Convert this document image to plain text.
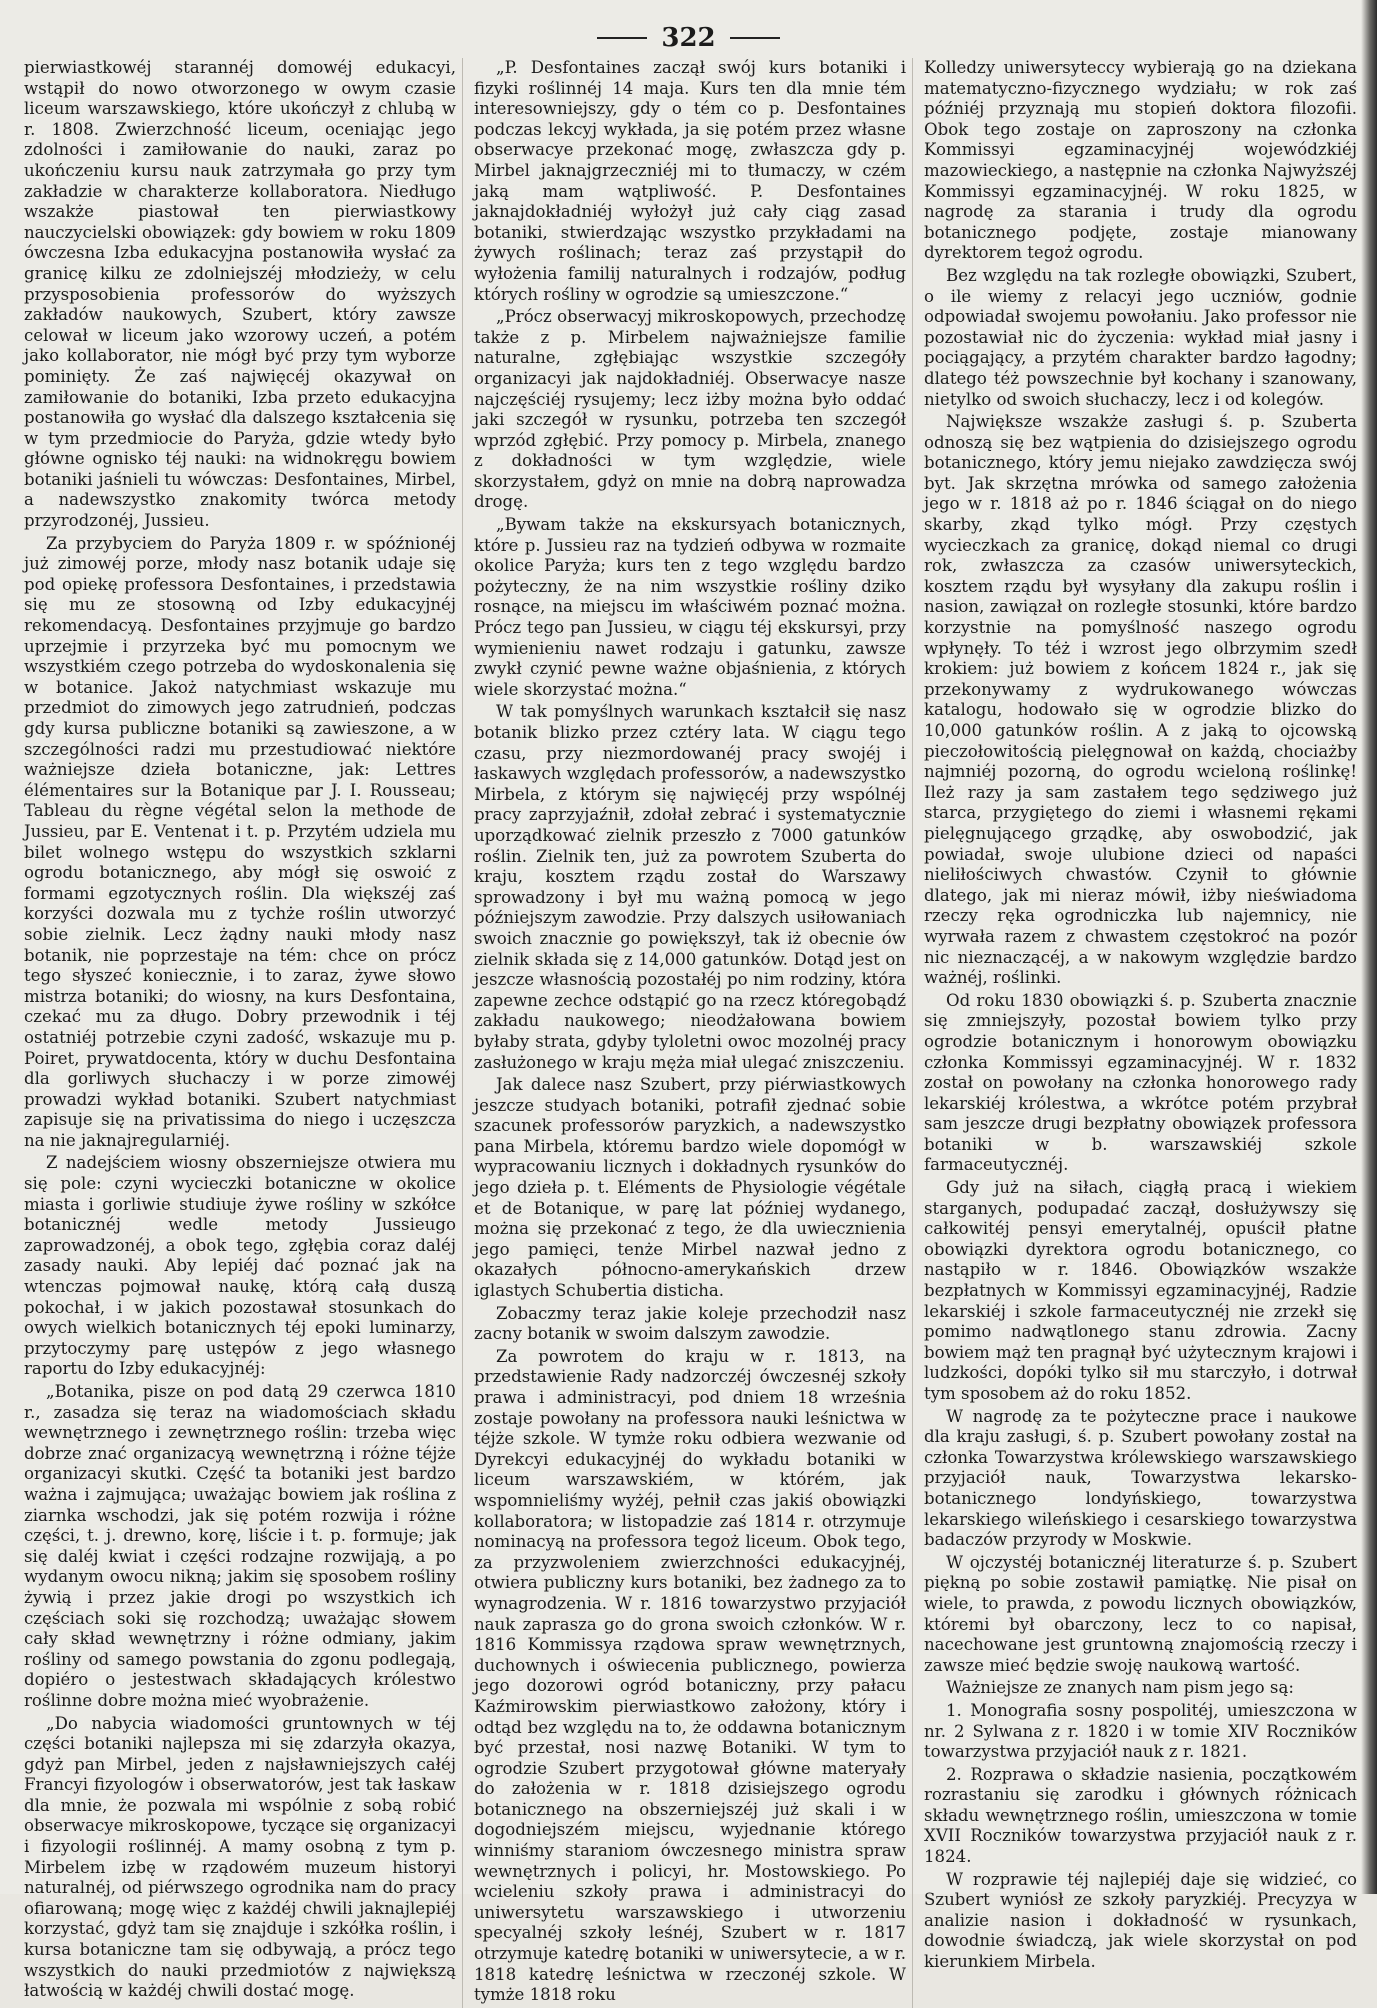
322

pierwiastkowéj starannéj domowéj edukacyi, wstąpił do nowo otworzonego w owym czasie liceum warszawskiego, które ukończył z chlubą w r. 1808. Zwierzchność liceum, oceniając jego zdolności i zamiłowanie do nauki, zaraz po ukończeniu kursu nauk zatrzymała go przy tym zakładzie w charakterze kollaboratora. Niedługo wszakże piastował ten pierwiastkowy nauczycielski obowiązek: gdy bowiem w roku 1809 ówczesna Izba edukacyjna postanowiła wysłać za granicę kilku ze zdolniejszéj młodzieży, w celu przysposobienia professorów do wyższych zakładów naukowych, Szubert, który zawsze celował w liceum jako wzorowy uczeń, a potém jako kollaborator, nie mógł być przy tym wyborze pominięty. Że zaś najwięcéj okazywał on zamiłowanie do botaniki, Izba przeto edukacyjna postanowiła go wysłać dla dalszego kształcenia się w tym przedmiocie do Paryża, gdzie wtedy było główne ognisko téj nauki: na widnokręgu bowiem botaniki jaśnieli tu wówczas: Desfontaines, Mirbel, a nadewszystko znakomity twórca metody przyrodzonéj, Jussieu.

Za przybyciem do Paryża 1809 r. w spóźnionéj już zimowéj porze, młody nasz botanik udaje się pod opiekę professora Desfontaines, i przedstawia się mu ze stosowną od Izby edukacyjnéj rekomendacyą. Desfontaines przyjmuje go bardzo uprzejmie i przyrzeka być mu pomocnym we wszystkiém czego potrzeba do wydoskonalenia się w botanice. Jakoż natychmiast wskazuje mu przedmiot do zimowych jego zatrudnień, podczas gdy kursa publiczne botaniki są zawieszone, a w szczególności radzi mu przestudiować niektóre ważniejsze dzieła botaniczne, jak: Lettres élémentaires sur la Botanique par J. I. Rousseau; Tableau du règne végétal selon la methode de Jussieu, par E. Ventenat i t. p. Przytém udziela mu bilet wolnego wstępu do wszystkich szklarni ogrodu botanicznego, aby mógł się oswoić z formami egzotycznych roślin. Dla większéj zaś korzyści dozwala mu z tychże roślin utworzyć sobie zielnik. Lecz żądny nauki młody nasz botanik, nie poprzestaje na tém: chce on prócz tego słyszeć koniecznie, i to zaraz, żywe słowo mistrza botaniki; do wiosny, na kurs Desfontaina, czekać mu za długo. Dobry przewodnik i téj ostatniéj potrzebie czyni zadość, wskazuje mu p. Poiret, prywatdocenta, który w duchu Desfontaina dla gorliwych słuchaczy i w porze zimowéj prowadzi wykład botaniki. Szubert natychmiast zapisuje się na privatissima do niego i uczęszcza na nie jaknajregularniéj.

Z nadejściem wiosny obszerniejsze otwiera mu się pole: czyni wycieczki botaniczne w okolice miasta i gorliwie studiuje żywe rośliny w szkółce botanicznéj wedle metody Jussieugo zaprowadzonéj, a obok tego, zgłębia coraz daléj zasady nauki. Aby lepiéj dać poznać jak na wtenczas pojmował naukę, którą całą duszą pokochał, i w jakich pozostawał stosunkach do owych wielkich botanicznych téj epoki luminarzy, przytoczymy parę ustępów z jego własnego raportu do Izby edukacyjnéj:

„Botanika, pisze on pod datą 29 czerwca 1810 r., zasadza się teraz na wiadomościach składu wewnętrznego i zewnętrznego roślin: trzeba więc dobrze znać organizacyą wewnętrzną i różne téjże organizacyi skutki. Część ta botaniki jest bardzo ważna i zajmująca; uważając bowiem jak roślina z ziarnka wschodzi, jak się potém rozwija i różne części, t. j. drewno, korę, liście i t. p. formuje; jak się daléj kwiat i części rodzajne rozwijają, a po wydanym owocu nikną; jakim się sposobem rośliny żywią i przez jakie drogi po wszystkich ich częściach soki się rozchodzą; uważając słowem cały skład wewnętrzny i różne odmiany, jakim rośliny od samego powstania do zgonu podlegają, dopiéro o jestestwach składających królestwo roślinne dobre można mieć wyobrażenie.

„Do nabycia wiadomości gruntownych w téj części botaniki najlepsza mi się zdarzyła okazya, gdyż pan Mirbel, jeden z najsławniejszych całéj Francyi fizyologów i obserwatorów, jest tak łaskaw dla mnie, że pozwala mi wspólnie z sobą robić obserwacye mikroskopowe, tyczące się organizacyi i fizyologii roślinnéj. A mamy osobną z tym p. Mirbelem izbę w rządowém muzeum historyi naturalnéj, od piérwszego ogrodnika nam do pracy ofiarowaną; mogę więc z każdéj chwili jaknajlepiéj korzystać, gdyż tam się znajduje i szkółka roślin, i kursa botaniczne tam się odbywają, a prócz tego wszystkich do nauki przedmiotów z największą łatwością w każdéj chwili dostać mogę.

„P. Desfontaines zaczął swój kurs botaniki i fizyki roślinnéj 14 maja. Kurs ten dla mnie tém interesowniejszy, gdy o tém co p. Desfontaines podczas lekcyj wykłada, ja się potém przez własne obserwacye przekonać mogę, zwłaszcza gdy p. Mirbel jaknajgrzeczniéj mi to tłumaczy, w czém jaką mam wątpliwość. P. Desfontaines jaknajdokładniéj wyłożył już cały ciąg zasad botaniki, stwierdzając wszystko przykładami na żywych roślinach; teraz zaś przystąpił do wyłożenia familij naturalnych i rodzajów, podług których rośliny w ogrodzie są umieszczone.“

„Prócz obserwacyj mikroskopowych, przechodzę także z p. Mirbelem najważniejsze familie naturalne, zgłębiając wszystkie szczegóły organizacyi jak najdokładniéj. Obserwacye nasze najczęściéj rysujemy; lecz iżby można było oddać jaki szczegół w rysunku, potrzeba ten szczegół wprzód zgłębić. Przy pomocy p. Mirbela, znanego z dokładności w tym względzie, wiele skorzystałem, gdyż on mnie na dobrą naprowadza drogę.

„Bywam także na ekskursyach botanicznych, które p. Jussieu raz na tydzień odbywa w rozmaite okolice Paryża; kurs ten z tego względu bardzo pożyteczny, że na nim wszystkie rośliny dziko rosnące, na miejscu im właściwém poznać można. Prócz tego pan Jussieu, w ciągu téj ekskursyi, przy wymienieniu nawet rodzaju i gatunku, zawsze zwykł czynić pewne ważne objaśnienia, z których wiele skorzystać można.“

W tak pomyślnych warunkach kształcił się nasz botanik blizko przez cztéry lata. W ciągu tego czasu, przy niezmordowanéj pracy swojéj i łaskawych względach professorów, a nadewszystko Mirbela, z którym się najwięcéj przy wspólnéj pracy zaprzyjaźnił, zdołał zebrać i systematycznie uporządkować zielnik przeszło z 7000 gatunków roślin. Zielnik ten, już za powrotem Szuberta do kraju, kosztem rządu został do Warszawy sprowadzony i był mu ważną pomocą w jego późniejszym zawodzie. Przy dalszych usiłowaniach swoich znacznie go powiększył, tak iż obecnie ów zielnik składa się z 14,000 gatunków. Dotąd jest on jeszcze własnością pozostałéj po nim rodziny, która zapewne zechce odstąpić go na rzecz któregobądź zakładu naukowego; nieodżałowana bowiem byłaby strata, gdyby tyloletni owoc mozolnéj pracy zasłużonego w kraju męża miał ulegać zniszczeniu.

Jak dalece nasz Szubert, przy piérwiastkowych jeszcze studyach botaniki, potrafił zjednać sobie szacunek professorów paryzkich, a nadewszystko pana Mirbela, któremu bardzo wiele dopomógł w wypracowaniu licznych i dokładnych rysunków do jego dzieła p. t. Eléments de Physiologie végétale et de Botanique, w parę lat później wydanego, można się przekonać z tego, że dla uwiecznienia jego pamięci, tenże Mirbel nazwał jedno z okazałych północno-amerykańskich drzew iglastych Schubertia disticha.

Zobaczmy teraz jakie koleje przechodził nasz zacny botanik w swoim dalszym zawodzie.

Za powrotem do kraju w r. 1813, na przedstawienie Rady nadzorczéj ówczesnéj szkoły prawa i administracyi, pod dniem 18 września zostaje powołany na professora nauki leśnictwa w téjże szkole. W tymże roku odbiera wezwanie od Dyrekcyi edukacyjnéj do wykładu botaniki w liceum warszawskiém, w którém, jak wspomnieliśmy wyżéj, pełnił czas jakiś obowiązki kollaboratora; w listopadzie zaś 1814 r. otrzymuje nominacyą na professora tegoż liceum. Obok tego, za przyzwoleniem zwierzchności edukacyjnéj, otwiera publiczny kurs botaniki, bez żadnego za to wynagrodzenia. W r. 1816 towarzystwo przyjaciół nauk zaprasza go do grona swoich członków. W r. 1816 Kommissya rządowa spraw wewnętrznych, duchownych i oświecenia publicznego, powierza jego dozorowi ogród botaniczny, przy pałacu Kaźmirowskim pierwiastkowo założony, który i odtąd bez względu na to, że oddawna botanicznym być przestał, nosi nazwę Botaniki. W tym to ogrodzie Szubert przygotował główne materyały do założenia w r. 1818 dzisiejszego ogrodu botanicznego na obszerniejszéj już skali i w dogodniejszém miejscu, wyjednanie którego winniśmy staraniom ówczesnego ministra spraw wewnętrznych i policyi, hr. Mostowskiego. Po wcieleniu szkoły prawa i administracyi do uniwersytetu warszawskiego i utworzeniu specyalnéj szkoły leśnéj, Szubert w r. 1817 otrzymuje katedrę botaniki w uniwersytecie, a w r. 1818 katedrę leśnictwa w rzeczonéj szkole. W tymże 1818 roku

Kolledzy uniwersyteccy wybierają go na dziekana matematyczno-fizycznego wydziału; w rok zaś późniéj przyznają mu stopień doktora filozofii. Obok tego zostaje on zaproszony na członka Kommissyi egzaminacyjnéj wojewódzkiéj mazowieckiego, a następnie na członka Najwyższéj Kommissyi egzaminacyjnéj. W roku 1825, w nagrodę za starania i trudy dla ogrodu botanicznego podjęte, zostaje mianowany dyrektorem tegoż ogrodu.

Bez względu na tak rozległe obowiązki, Szubert, o ile wiemy z relacyi jego uczniów, godnie odpowiadał swojemu powołaniu. Jako professor nie pozostawiał nic do życzenia: wykład miał jasny i pociągający, a przytém charakter bardzo łagodny; dlatego téż powszechnie był kochany i szanowany, nietylko od swoich słuchaczy, lecz i od kolegów.

Największe wszakże zasługi ś. p. Szuberta odnoszą się bez wątpienia do dzisiejszego ogrodu botanicznego, który jemu niejako zawdzięcza swój byt. Jak skrzętna mrówka od samego założenia jego w r. 1818 aż po r. 1846 ściągał on do niego skarby, zkąd tylko mógł. Przy częstych wycieczkach za granicę, dokąd niemal co drugi rok, zwłaszcza za czasów uniwersyteckich, kosztem rządu był wysyłany dla zakupu roślin i nasion, zawiązał on rozległe stosunki, które bardzo korzystnie na pomyślność naszego ogrodu wpłynęły. To téż i wzrost jego olbrzymim szedł krokiem: już bowiem z końcem 1824 r., jak się przekonywamy z wydrukowanego wówczas katalogu, hodowało się w ogrodzie blizko do 10,000 gatunków roślin. A z jaką to ojcowską pieczołowitością pielęgnował on każdą, chociażby najmniéj pozorną, do ogrodu wcieloną roślinkę! Ileż razy ja sam zastałem tego sędziwego już starca, przygiętego do ziemi i własnemi rękami pielęgnującego grządkę, aby oswobodzić, jak powiadał, swoje ulubione dzieci od napaści nieliłościwych chwastów. Czynił to głównie dlatego, jak mi nieraz mówił, iżby nieświadoma rzeczy ręka ogrodniczka lub najemnicy, nie wyrwała razem z chwastem częstokroć na pozór nic nieznaczącéj, a w nakowym względzie bardzo ważnéj, roślinki.

Od roku 1830 obowiązki ś. p. Szuberta znacznie się zmniejszyły, pozostał bowiem tylko przy ogrodzie botanicznym i honorowym obowiązku członka Kommissyi egzaminacyjnéj. W r. 1832 został on powołany na członka honorowego rady lekarskiéj królestwa, a wkrótce potém przybrał sam jeszcze drugi bezpłatny obowiązek professora botaniki w b. warszawskiéj szkole farmaceutycznéj.

Gdy już na siłach, ciągłą pracą i wiekiem starganych, podupadać zaczął, dosłużywszy się całkowitéj pensyi emerytalnéj, opuścił płatne obowiązki dyrektora ogrodu botanicznego, co nastąpiło w r. 1846. Obowiązków wszakże bezpłatnych w Kommissyi egzaminacyjnéj, Radzie lekarskiéj i szkole farmaceutycznéj nie zrzekł się pomimo nadwątlonego stanu zdrowia. Zacny bowiem mąż ten pragnął być użytecznym krajowi i ludzkości, dopóki tylko sił mu starczyło, i dotrwał tym sposobem aż do roku 1852.

W nagrodę za te pożyteczne prace i naukowe dla kraju zasługi, ś. p. Szubert powołany został na członka Towarzystwa królewskiego warszawskiego przyjaciół nauk, Towarzystwa lekarsko-botanicznego londyńskiego, towarzystwa lekarskiego wileńskiego i cesarskiego towarzystwa badaczów przyrody w Moskwie.

W ojczystéj botanicznéj literaturze ś. p. Szubert piękną po sobie zostawił pamiątkę. Nie pisał on wiele, to prawda, z powodu licznych obowiązków, któremi był obarczony, lecz to co napisał, nacechowane jest gruntowną znajomością rzeczy i zawsze mieć będzie swoję naukową wartość.

Ważniejsze ze znanych nam pism jego są:

1. Monografia sosny pospolitéj, umieszczona w nr. 2 Sylwana z r. 1820 i w tomie XIV Roczników towarzystwa przyjaciół nauk z r. 1821.

2. Rozprawa o składzie nasienia, początkowém rozrastaniu się zarodku i głównych różnicach składu wewnętrznego roślin, umieszczona w tomie XVII Roczników towarzystwa przyjaciół nauk z r. 1824.

W rozprawie téj najlepiéj daje się widzieć, co Szubert wyniósł ze szkoły paryzkiéj. Precyzya w analizie nasion i dokładność w rysunkach, dowodnie świadczą, jak wiele skorzystał on pod kierunkiem Mirbela.
